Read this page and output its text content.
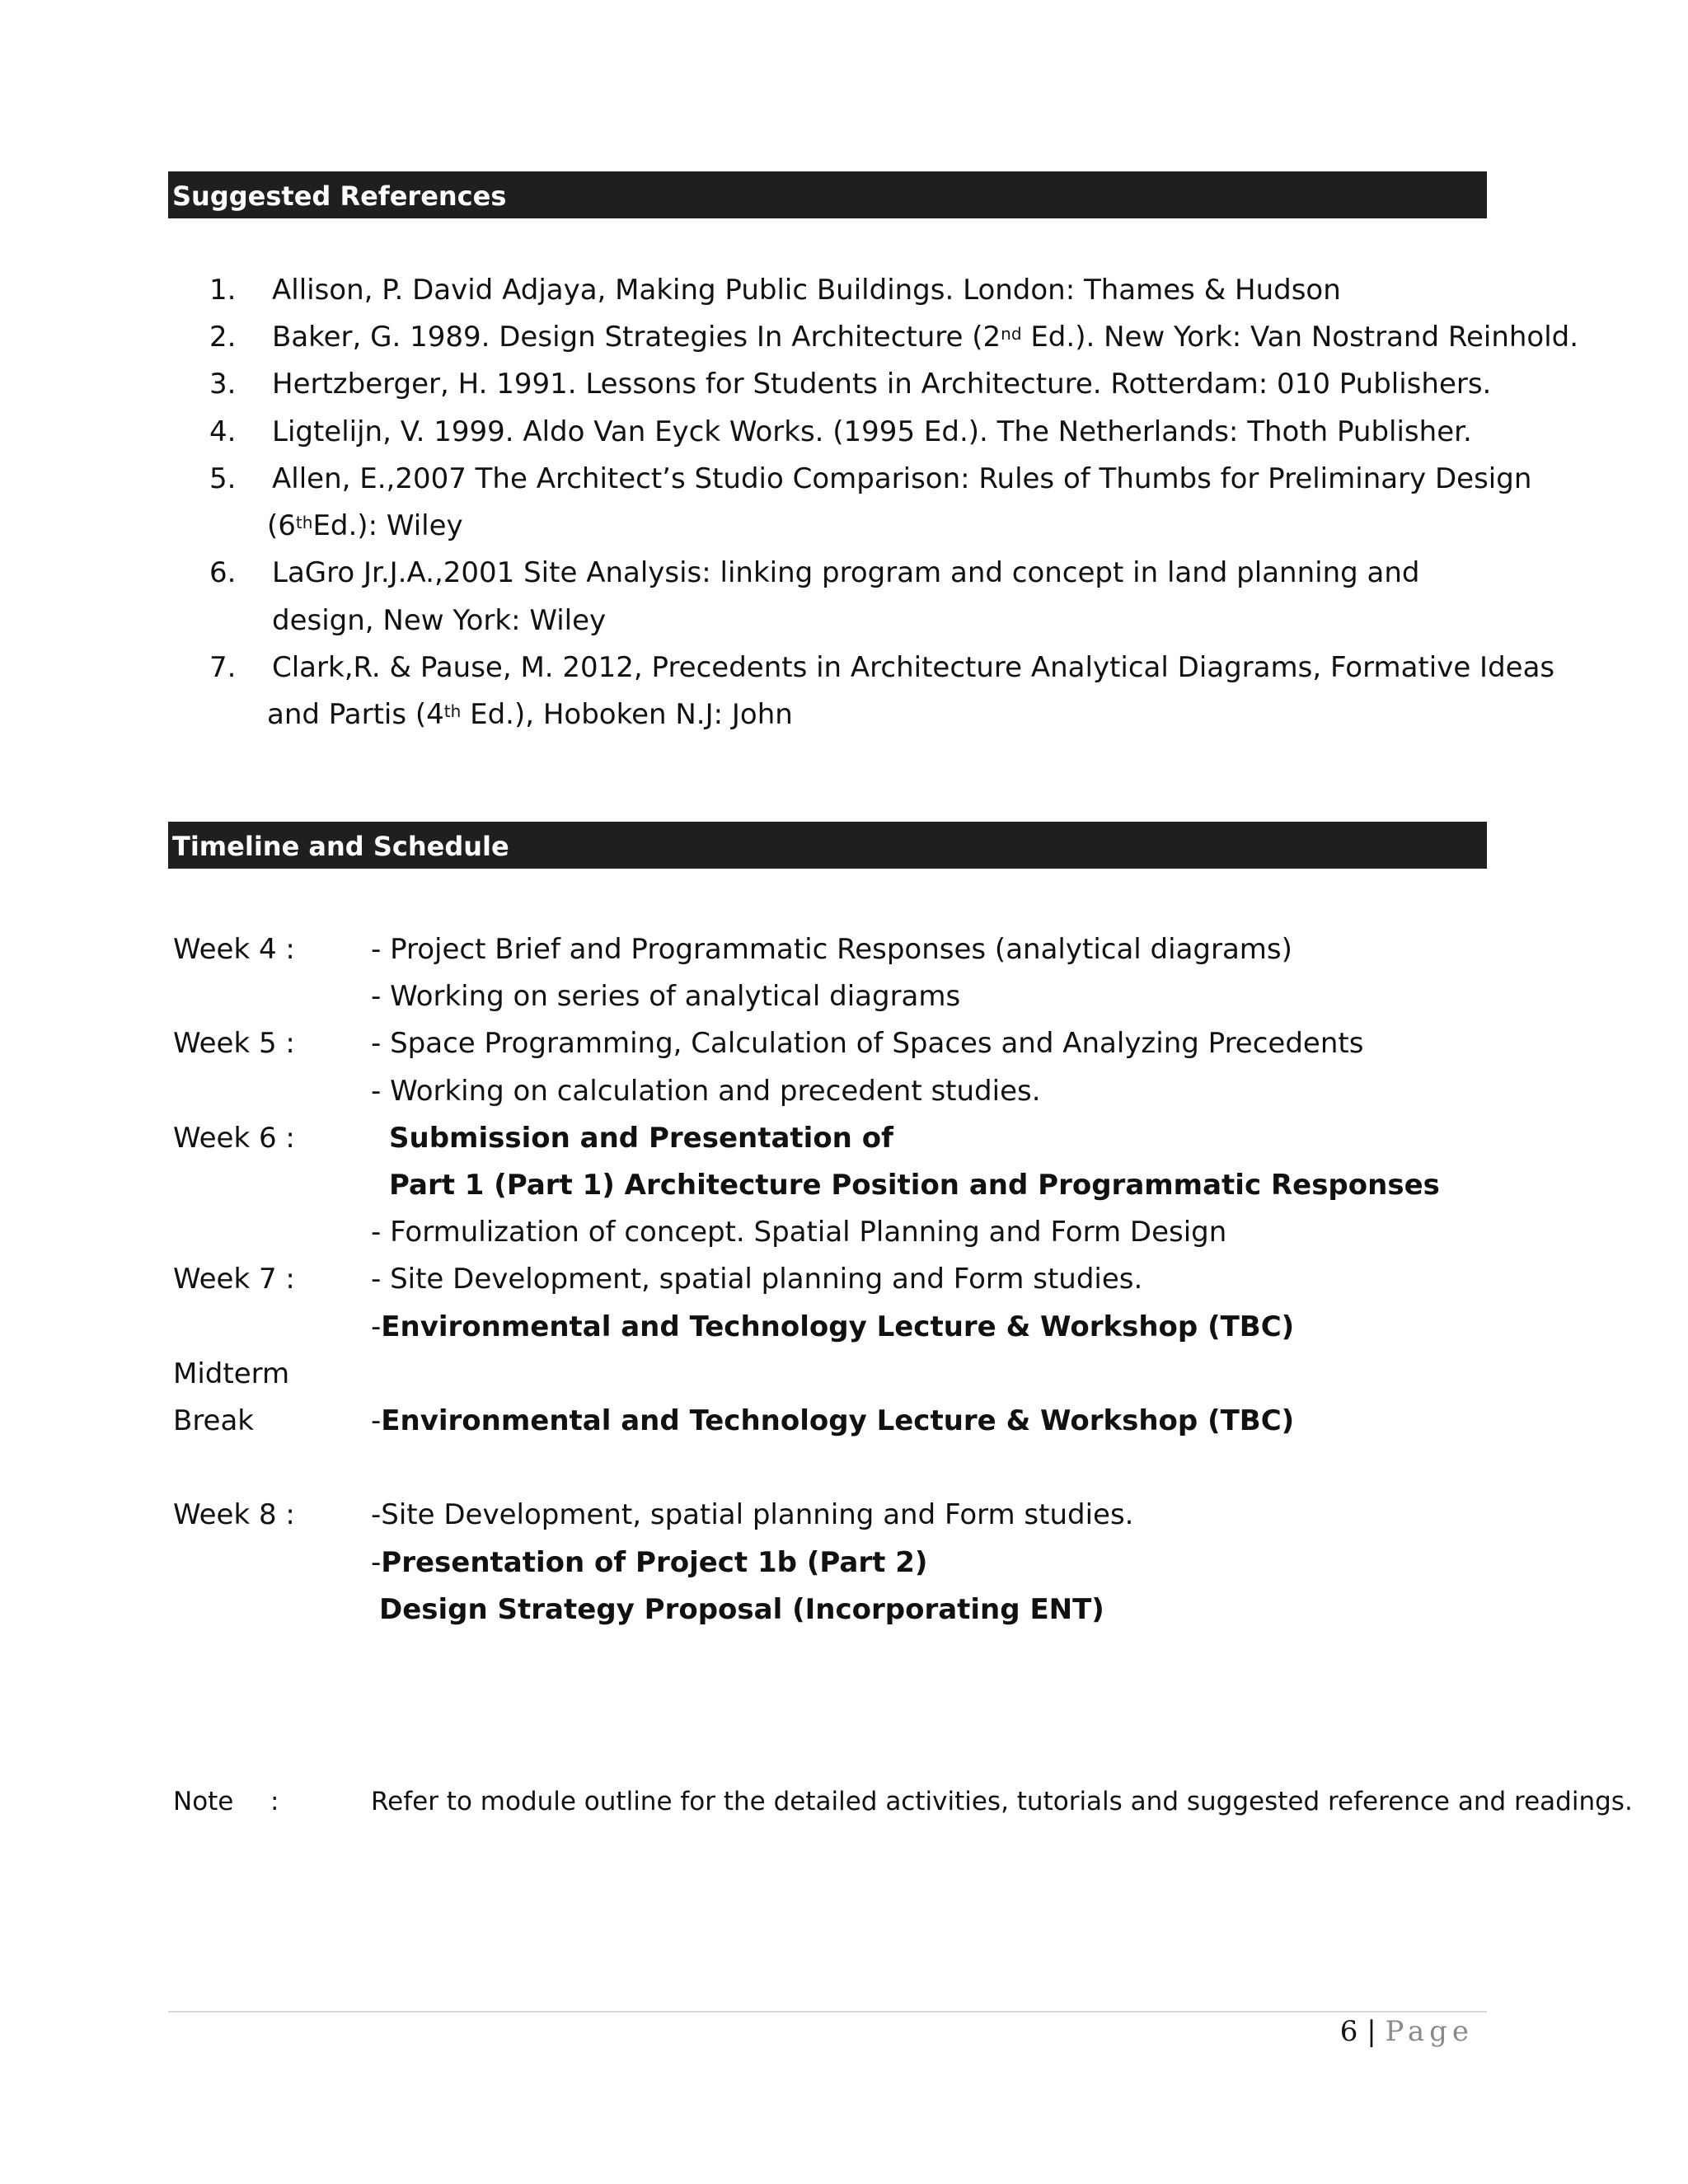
Suggested References
1. Allison, P. David Adjaya, Making Public Buildings. London: Thames & Hudson
2. Baker, G. 1989. Design Strategies In Architecture (2nd Ed.). New York: Van Nostrand Reinhold.
3. Hertzberger, H. 1991. Lessons for Students in Architecture. Rotterdam: 010 Publishers.
4. Ligtelijn, V. 1999. Aldo Van Eyck Works. (1995 Ed.). The Netherlands: Thoth Publisher.
5. Allen, E.,2007 The Architect’s Studio Comparison: Rules of Thumbs for Preliminary Design
(6thEd.): Wiley
6. LaGro Jr.J.A.,2001 Site Analysis: linking program and concept in land planning and
design, New York: Wiley
7. Clark,R. & Pause, M. 2012, Precedents in Architecture Analytical Diagrams, Formative Ideas
and Partis (4th Ed.), Hoboken N.J: John
Timeline and Schedule
Week 4 :	- Project Brief and Programmatic Responses (analytical diagrams)
- Working on series of analytical diagrams
Week 5 :	- Space Programming, Calculation of Spaces and Analyzing Precedents
- Working on calculation and precedent studies.
Week 6 :	Submission and Presentation of
Part 1 (Part 1) Architecture Position and Programmatic Responses
- Formulization of concept. Spatial Planning and Form Design
Week 7 :	- Site Development, spatial planning and Form studies.
-Environmental and Technology Lecture & Workshop (TBC)
Midterm
Break	-Environmental and Technology Lecture & Workshop (TBC)
Week 8 :	-Site Development, spatial planning and Form studies.
-Presentation of Project 1b (Part 2)
Design Strategy Proposal (Incorporating ENT)
Note :	Refer to module outline for the detailed activities, tutorials and suggested reference and readings.
6 | Page
